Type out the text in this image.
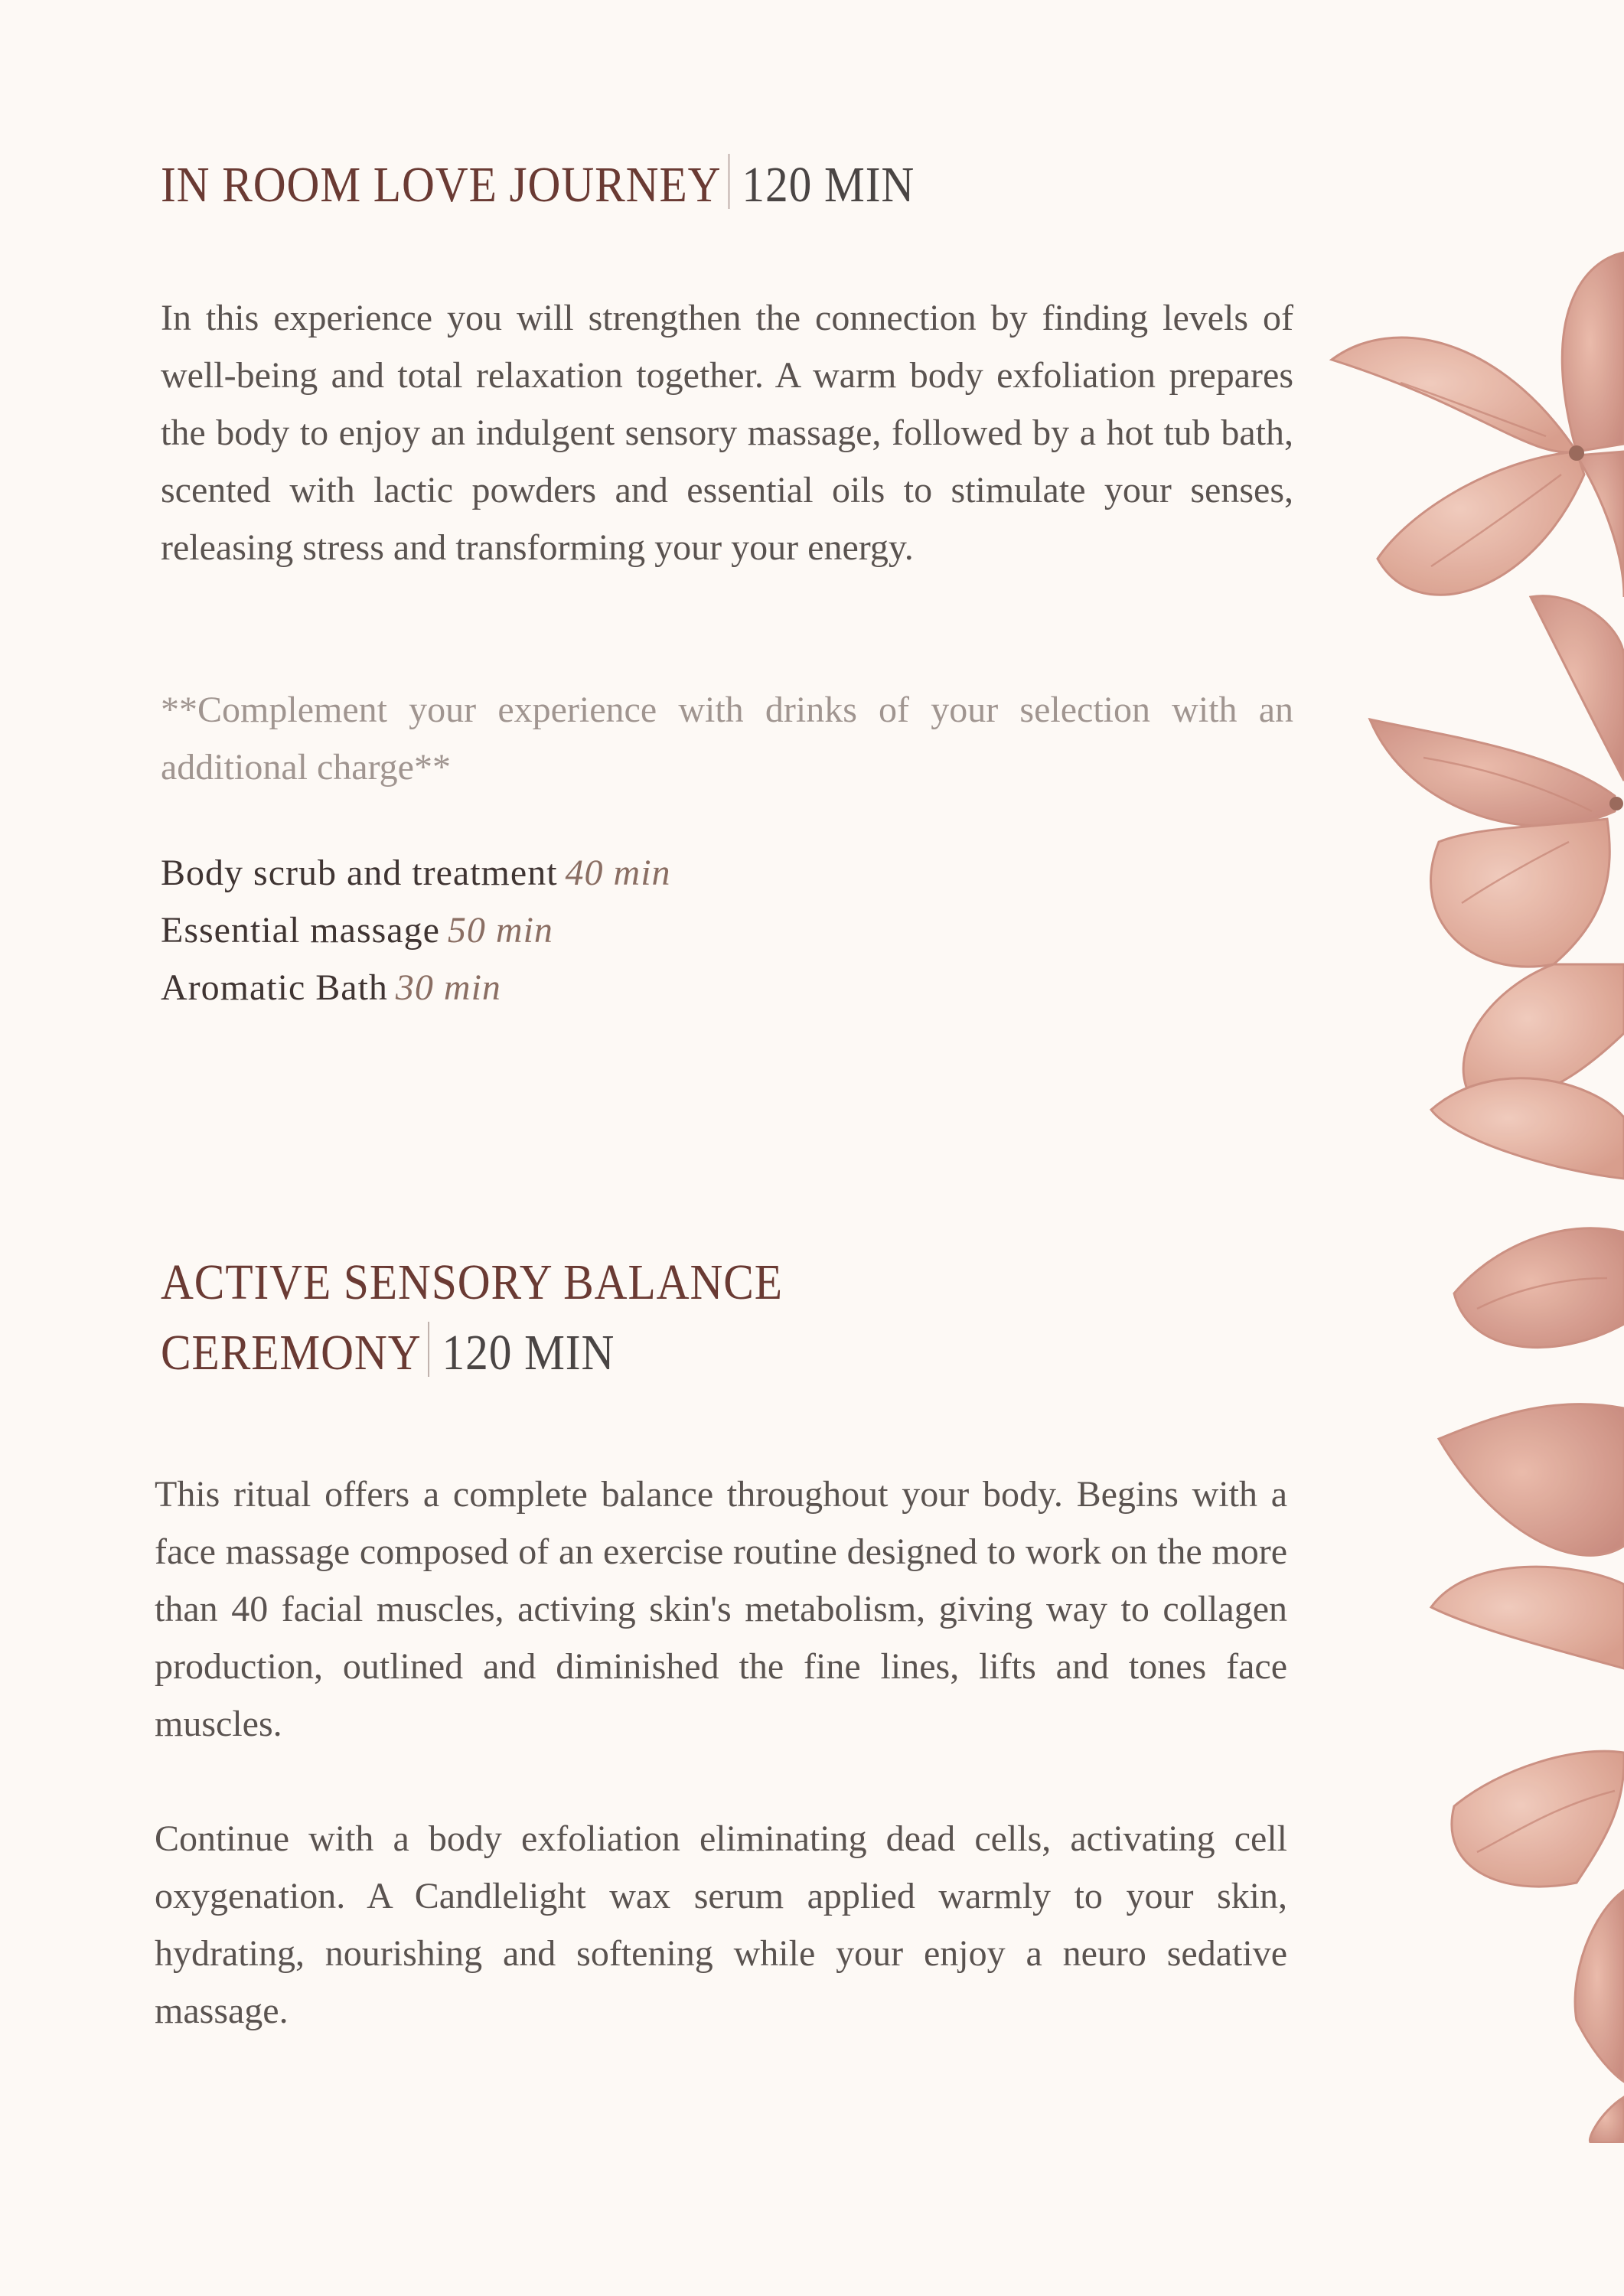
IN ROOM LOVE JOURNEY 120 MIN

In this experience you will strengthen the connection by finding levels of well-being and total relaxation together. A warm body exfoliation prepares the body to enjoy an indulgent sensory massage, followed by a hot tub bath, scented with lactic powders and essential oils to stimulate your senses, releasing stress and transforming your your energy.

**Complement your experience with drinks of your selection with an additional charge**

Body scrub and treatment 40 min
Essential massage 50 min
Aromatic Bath 30 min
ACTIVE SENSORY BALANCE
CEREMONY 120 MIN

This ritual offers a complete balance throughout your body. Begins with a face massage composed of an exercise routine designed to work on the more than 40 facial muscles, activing skin's metabolism, giving way to collagen production, outlined and diminished the fine lines, lifts and tones face muscles.

Continue with a body exfoliation eliminating dead cells, activating cell oxygenation. A Candlelight wax serum applied warmly to your skin, hydrating, nourishing and softening while your enjoy a neuro sedative massage.
